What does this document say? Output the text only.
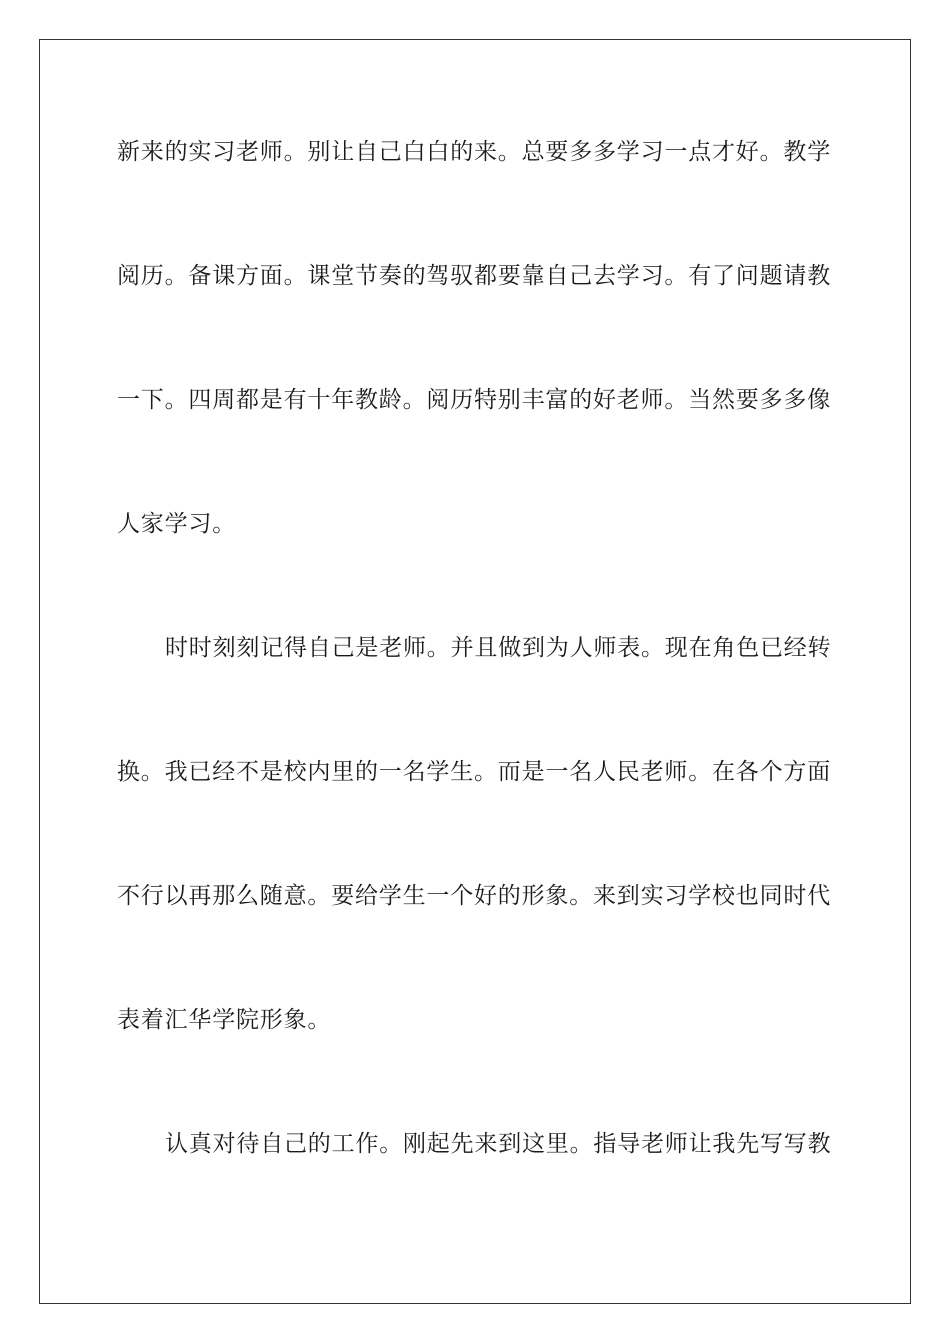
新来的实习老师。别让自己白白的来。总要多多学习一点才好。教学
阅历。备课方面。课堂节奏的驾驭都要靠自己去学习。有了问题请教
一下。四周都是有十年教龄。阅历特别丰富的好老师。当然要多多像
人家学习。
时时刻刻记得自己是老师。并且做到为人师表。现在角色已经转
换。我已经不是校内里的一名学生。而是一名人民老师。在各个方面
不行以再那么随意。要给学生一个好的形象。来到实习学校也同时代
表着汇华学院形象。
认真对待自己的工作。刚起先来到这里。指导老师让我先写写教
